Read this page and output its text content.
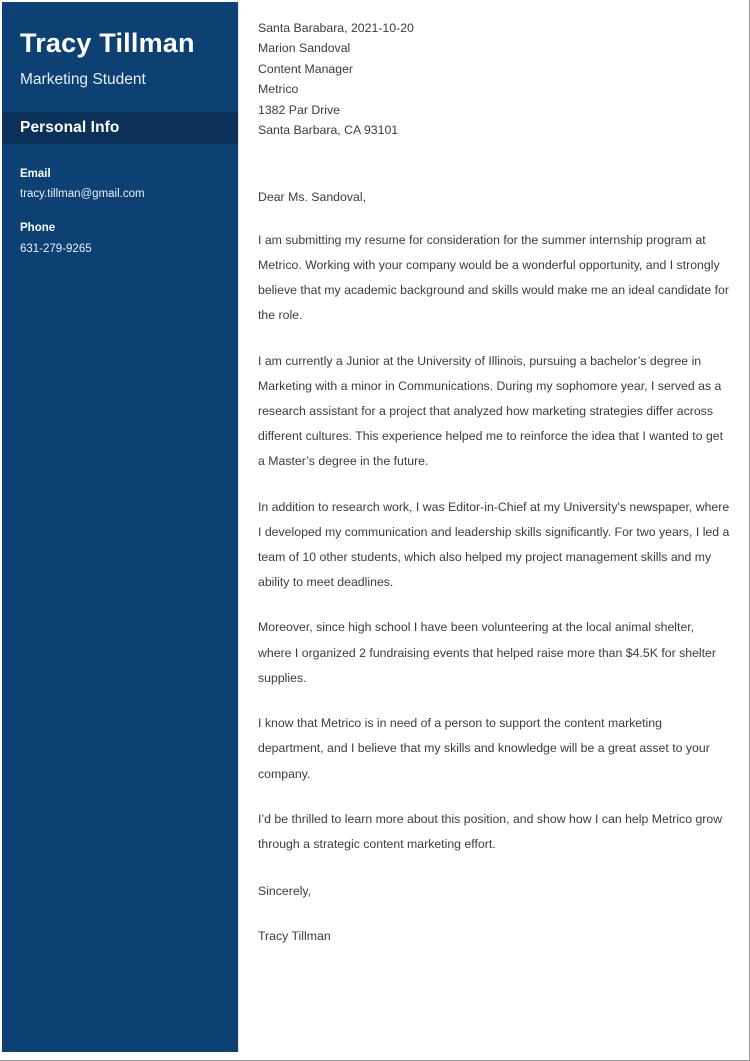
Tracy Tillman
Marketing Student
Personal Info
Email
tracy.tillman@gmail.com
Phone
631-279-9265
Santa Barabara, 2021-10-20
Marion Sandoval
Content Manager
Metrico
1382 Par Drive
Santa Barbara, CA 93101
Dear Ms. Sandoval,

I am submitting my resume for consideration for the summer internship program at Metrico. Working with your company would be a wonderful opportunity, and I strongly believe that my academic background and skills would make me an ideal candidate for the role.

I am currently a Junior at the University of Illinois, pursuing a bachelor’s degree in Marketing with a minor in Communications. During my sophomore year, I served as a research assistant for a project that analyzed how marketing strategies differ across different cultures. This experience helped me to reinforce the idea that I wanted to get a Master’s degree in the future.

In addition to research work, I was Editor-in-Chief at my University's newspaper, where I developed my communication and leadership skills significantly. For two years, I led a team of 10 other students, which also helped my project management skills and my ability to meet deadlines.

Moreover, since high school I have been volunteering at the local animal shelter, where I organized 2 fundraising events that helped raise more than $4.5K for shelter supplies.

I know that Metrico is in need of a person to support the content marketing department, and I believe that my skills and knowledge will be a great asset to your company.

I’d be thrilled to learn more about this position, and show how I can help Metrico grow through a strategic content marketing effort.

Sincerely,
Tracy Tillman
